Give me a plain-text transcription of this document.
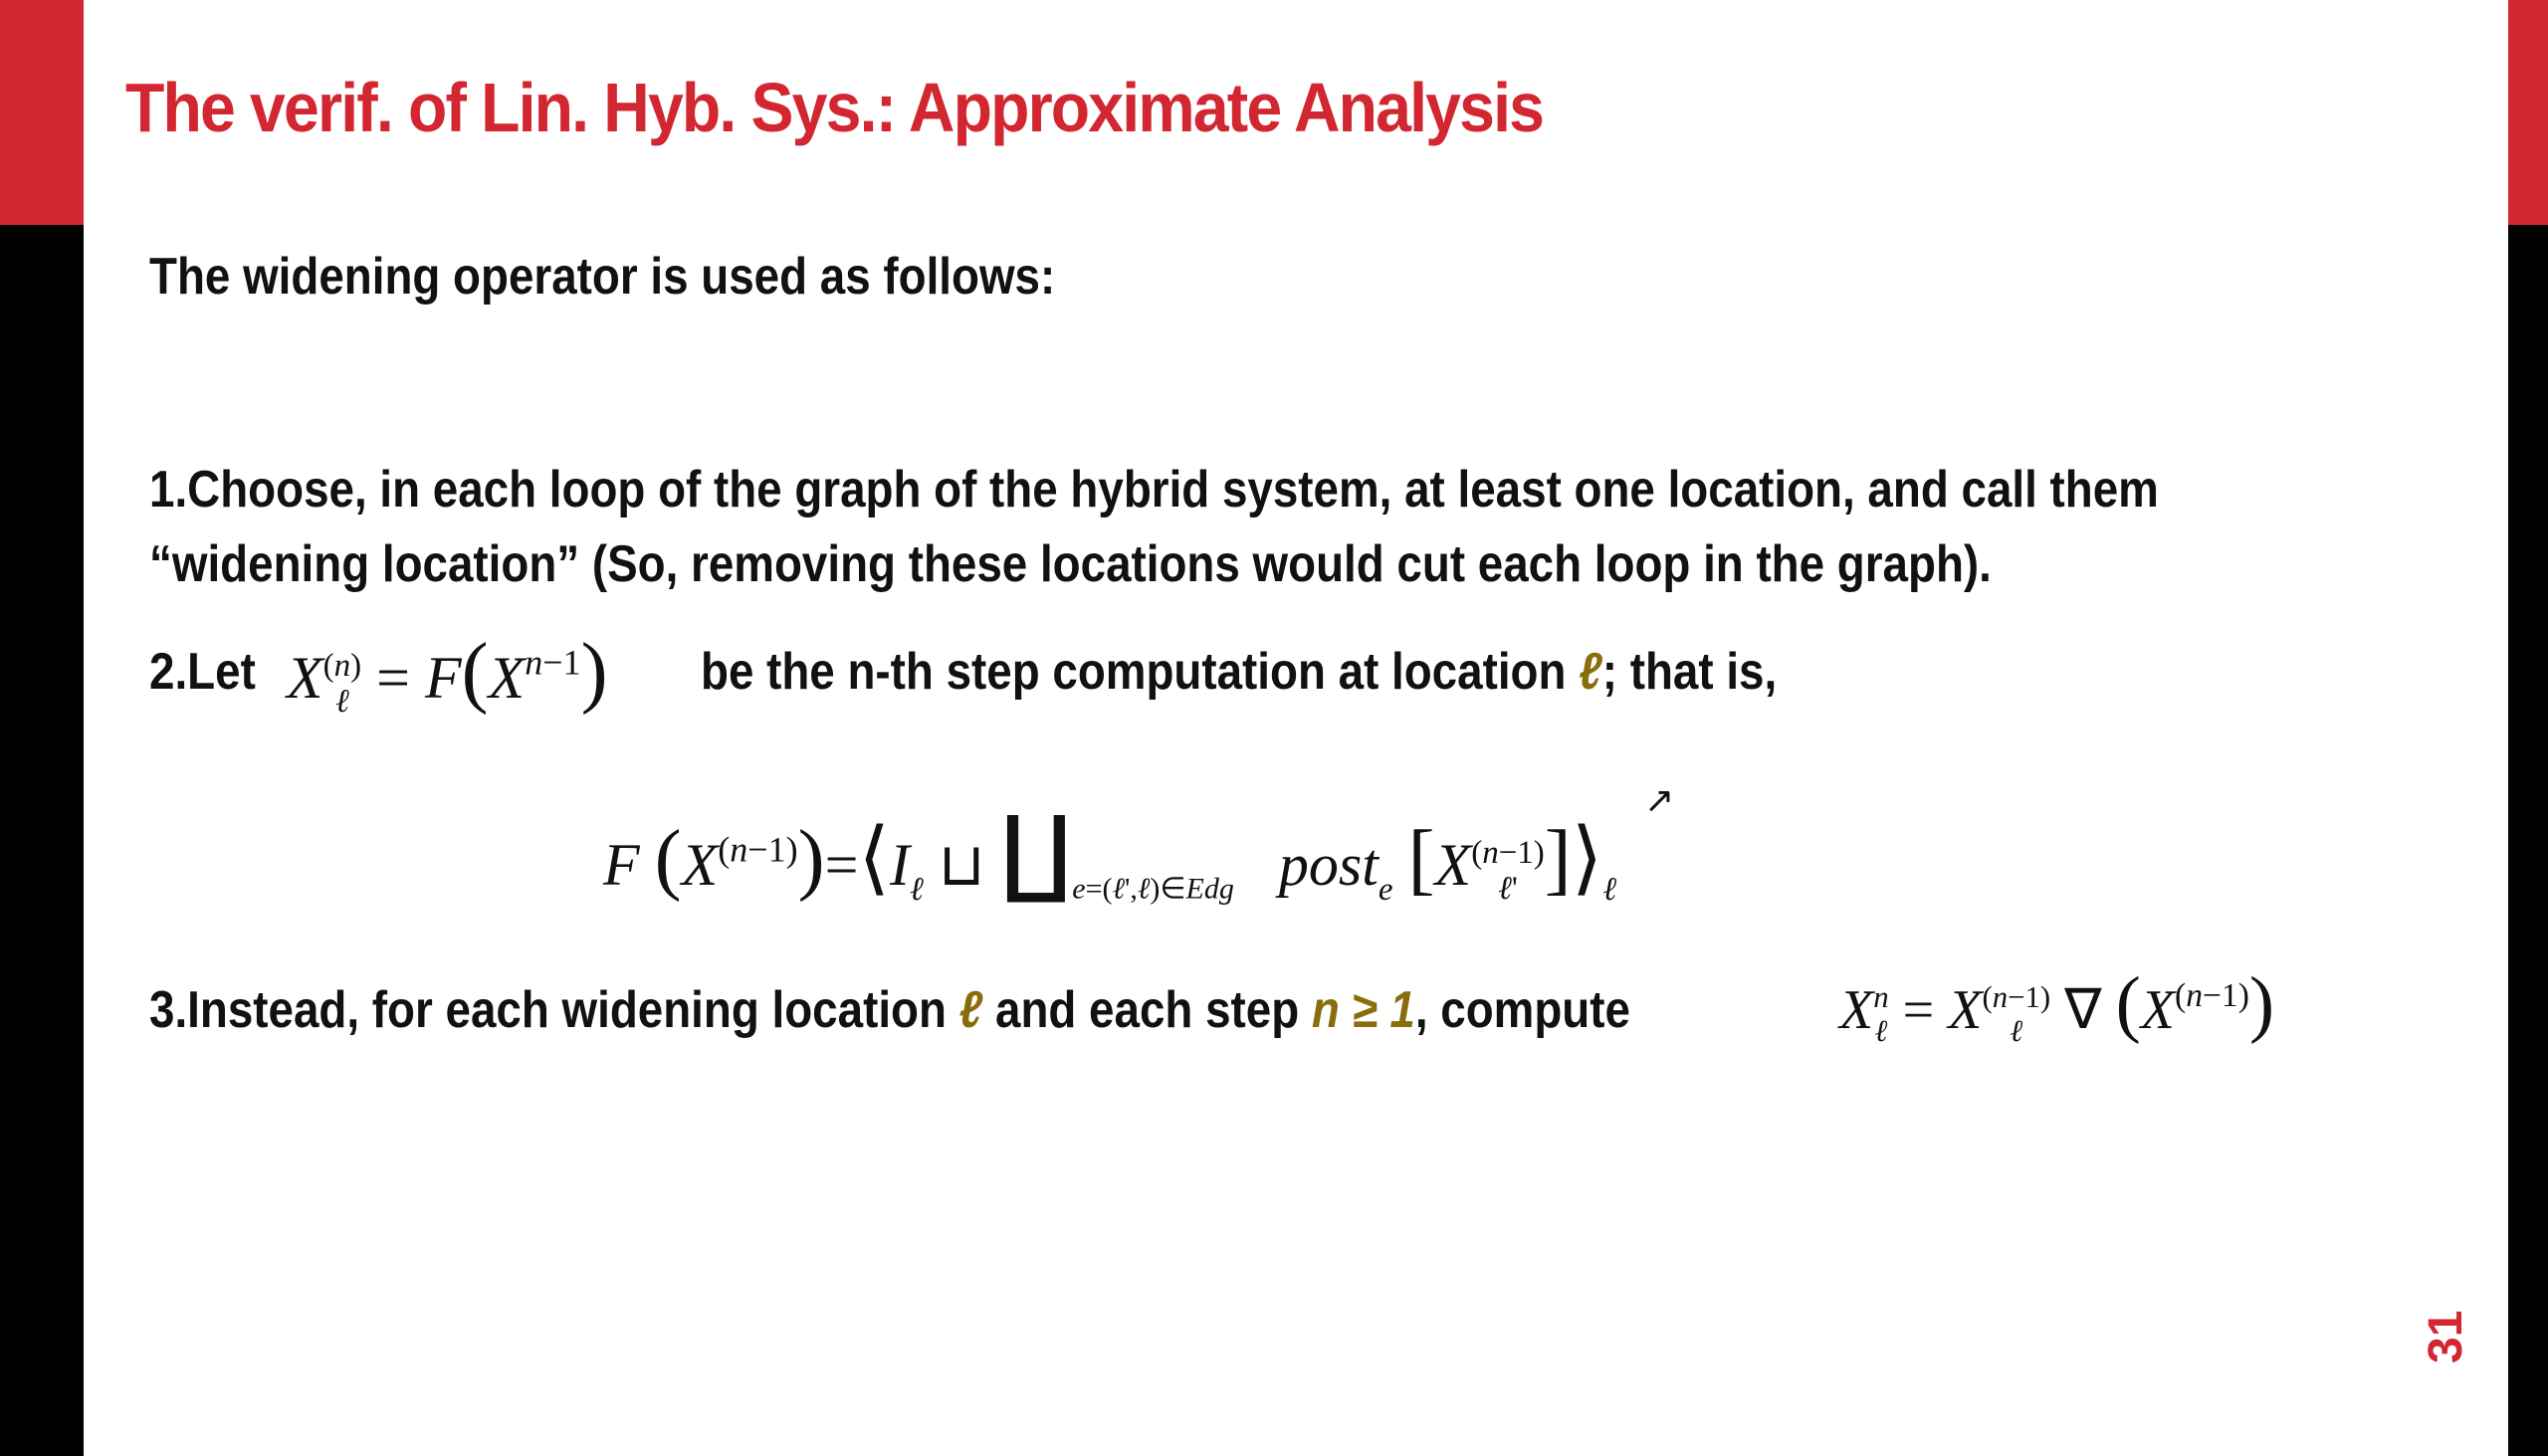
The verif. of Lin. Hyb. Sys.: Approximate Analysis

The widening operator is used as follows:

1.Choose, in each loop of the graph of the hybrid system, at least one location, and call them

“widening location” (So, removing these locations would cut each loop in the graph).

2.Let X (n)
ℓ = $F(X^{n-1})$ be the n-th step computation at location ℓ; that is,

F $(X^{(n-1)})=⟨I_\ell$ ⊔ $∐_{e=(\ell',\ell)\in Edg}$ post$_e$ [X (n−1)
ℓ' ]$⟩_\ell$
↗

3.Instead, for each widening location ℓ and each step n ≥ 1, compute	X n
ℓ = X (n−1)
ℓ ∇ $(X^{(n-1)})$
31
